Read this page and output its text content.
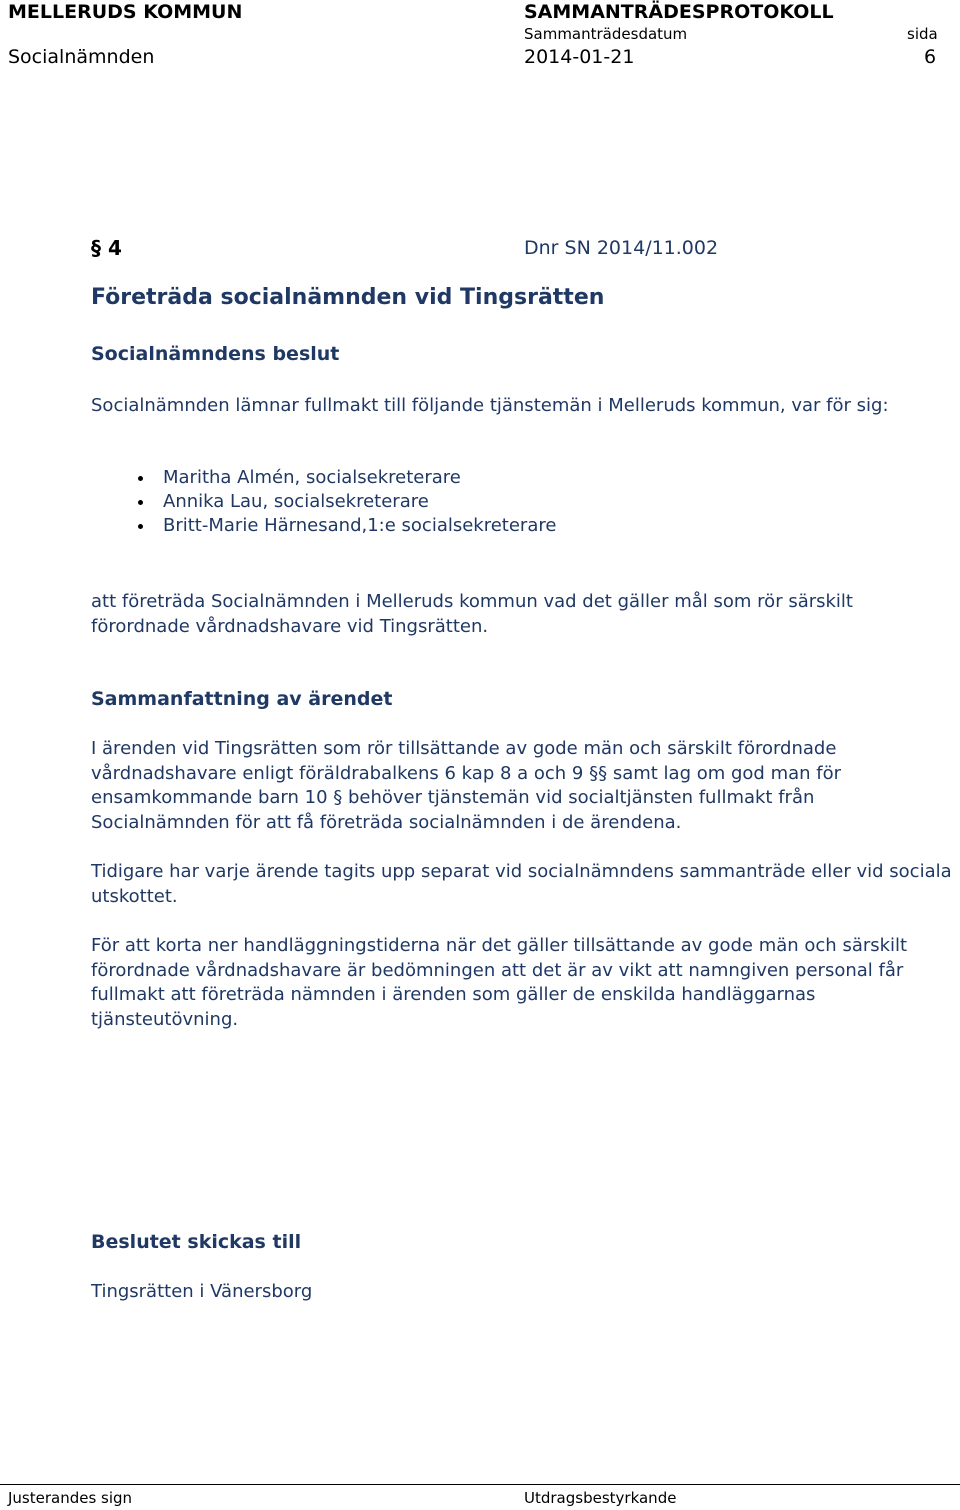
MELLERUDS KOMMUN	SAMMANTRÄDESPROTOKOLL
Sammanträdesdatum	sida
Socialnämnden	2014-01-21	6
§ 4	Dnr SN 2014/11.002
Företräda socialnämnden vid Tingsrätten
Socialnämndens beslut
Socialnämnden lämnar fullmakt till följande tjänstemän i Melleruds kommun, var för sig:
Maritha Almén, socialsekreterare
Annika Lau, socialsekreterare
Britt-Marie Härnesand,1:e socialsekreterare
att företräda Socialnämnden i Melleruds kommun vad det gäller mål som rör särskilt förordnade vårdnadshavare vid Tingsrätten.
Sammanfattning av ärendet
I ärenden vid Tingsrätten som rör tillsättande av gode män och särskilt förordnade vårdnadshavare enligt föräldrabalkens 6 kap 8 a och 9 §§ samt lag om god man för ensamkommande barn 10 § behöver tjänstemän vid socialtjänsten fullmakt från Socialnämnden för att få företräda socialnämnden i de ärendena.
Tidigare har varje ärende tagits upp separat vid socialnämndens sammanträde eller vid sociala utskottet.
För att korta ner handläggningstiderna när det gäller tillsättande av gode män och särskilt förordnade vårdnadshavare är bedömningen att det är av vikt att namngiven personal får fullmakt att företräda nämnden i ärenden som gäller de enskilda handläggarnas tjänsteutövning.
Beslutet skickas till
Tingsrätten i Vänersborg
Justerandes sign	Utdragsbestyrkande
